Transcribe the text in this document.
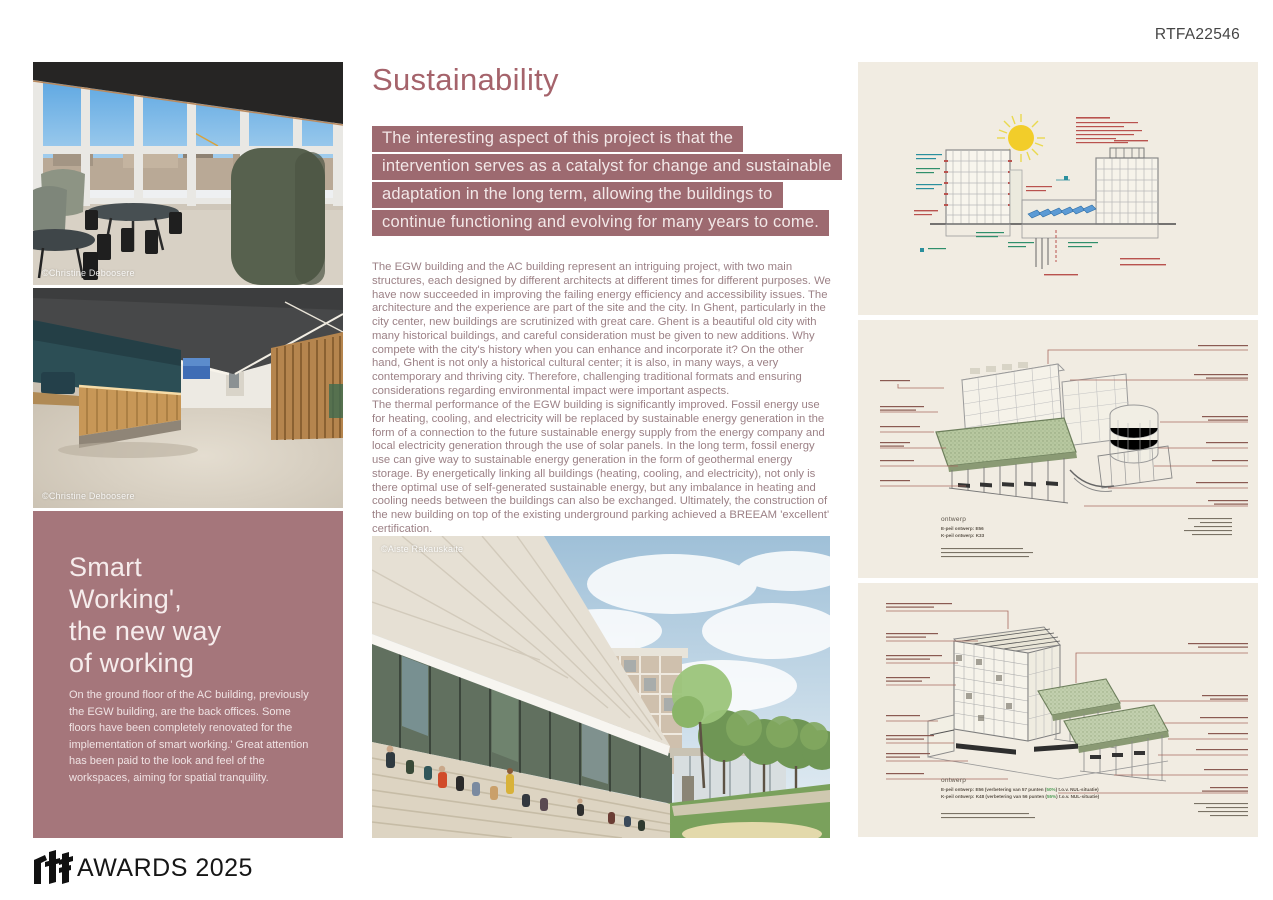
RTFA22546
©Christine Deboosere
©Christine Deboosere
Smart
Working',
the new way
of working
On the ground floor of the AC building, previously the EGW building, are the back offices. Some floors have been completely renovated for the implementation of smart working.' Great attention has been paid to the look and feel of the workspaces, aiming for spatial tranquility.
Sustainability
The interesting aspect of this project is that the
intervention serves as a catalyst for change and sustainable
adaptation in the long term, allowing the buildings to
continue functioning and evolving for many years to come.
The EGW building and the AC building represent an intriguing project, with two main structures, each designed by different architects at different times for different purposes. We have now succeeded in improving the failing energy efficiency and accessibility issues. The architecture and the experience are part of the site and the city. In Ghent, particularly in the city center, new buildings are scrutinized with great care. Ghent is a beautiful old city with many historical buildings, and careful consideration must be given to new additions. Why compete with the city's history when you can enhance and incorporate it? On the other hand, Ghent is not only a historical cultural center; it is also, in many ways, a very contemporary and thriving city. Therefore, challenging traditional formats and ensuring considerations regarding environmental impact were important aspects.
The thermal performance of the EGW building is significantly improved. Fossil energy use for heating, cooling, and electricity will be replaced by sustainable energy generation in the form of a connection to the future sustainable energy supply from the energy company and local electricity generation through the use of solar panels. In the long term, fossil energy use can give way to sustainable energy generation in the form of geothermal energy storage. By energetically linking all buildings (heating, cooling, and electricity), not only is there optimal use of self-generated sustainable energy, but any imbalance in heating and cooling needs between the buildings can also be exchanged. Ultimately, the construction of the new building on top of the existing underground parking achieved a BREEAM 'excellent' certification.
©Aiste Rakauskaite
ontwerp
E-peil ontwerp: E56
K-peil ontwerp: K33
ontwerp
E-peil ontwerp: E56 (verbetering van 57 punten (50%) t.o.v. NUL-situatie)
K-peil ontwerp: K48 (verbetering van 56 punten (55%) t.o.v. NUL-situatie)
AWARDS 2025
